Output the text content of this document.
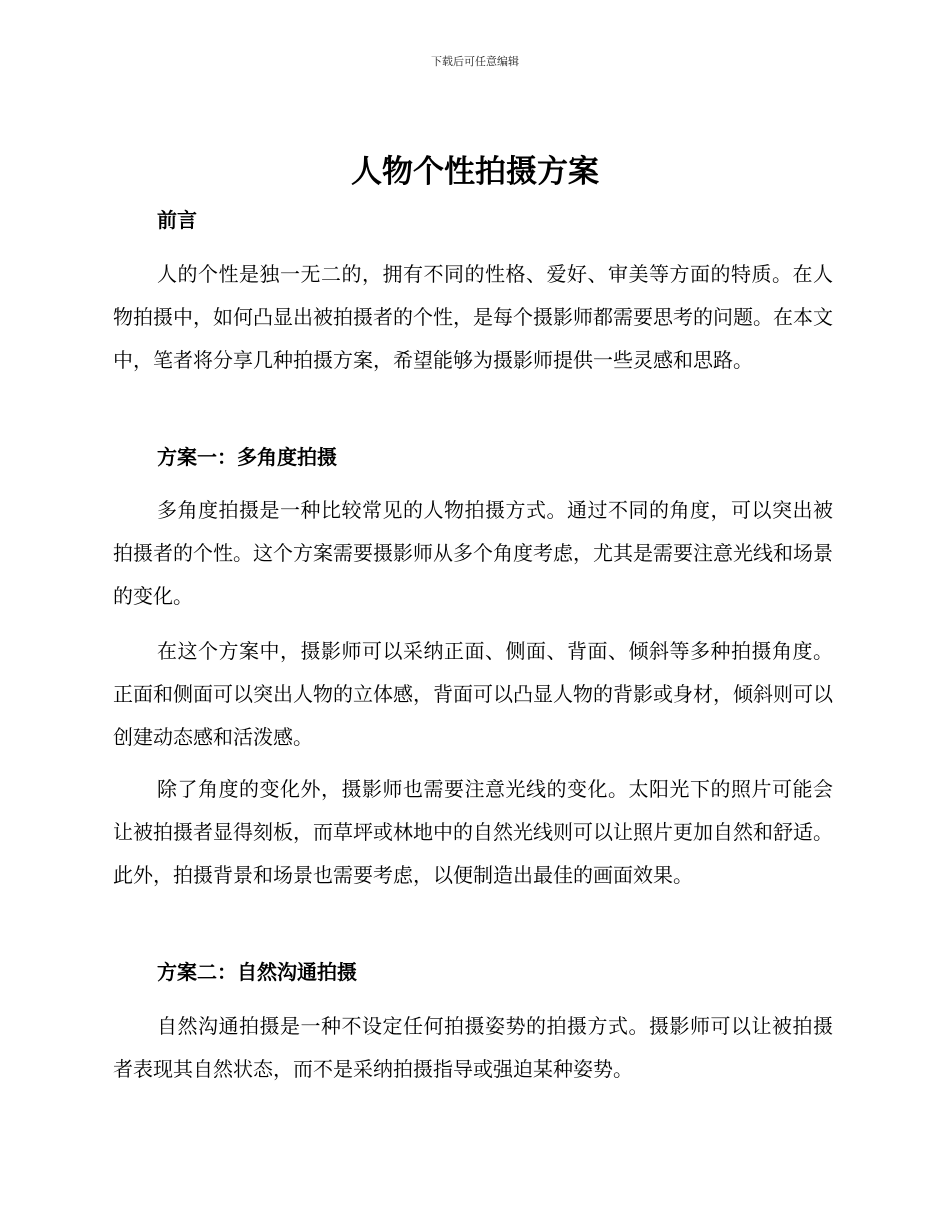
下载后可任意编辑
人物个性拍摄方案
前言

人的个性是独一无二的，拥有不同的性格、爱好、审美等方面的特质。在人物拍摄中，如何凸显出被拍摄者的个性，是每个摄影师都需要思考的问题。在本文中，笔者将分享几种拍摄方案，希望能够为摄影师提供一些灵感和思路。

方案一：多角度拍摄

多角度拍摄是一种比较常见的人物拍摄方式。通过不同的角度，可以突出被拍摄者的个性。这个方案需要摄影师从多个角度考虑，尤其是需要注意光线和场景的变化。

在这个方案中，摄影师可以采纳正面、侧面、背面、倾斜等多种拍摄角度。正面和侧面可以突出人物的立体感，背面可以凸显人物的背影或身材，倾斜则可以创建动态感和活泼感。

除了角度的变化外，摄影师也需要注意光线的变化。太阳光下的照片可能会让被拍摄者显得刻板，而草坪或林地中的自然光线则可以让照片更加自然和舒适。此外，拍摄背景和场景也需要考虑，以便制造出最佳的画面效果。

方案二：自然沟通拍摄

自然沟通拍摄是一种不设定任何拍摄姿势的拍摄方式。摄影师可以让被拍摄者表现其自然状态，而不是采纳拍摄指导或强迫某种姿势。
